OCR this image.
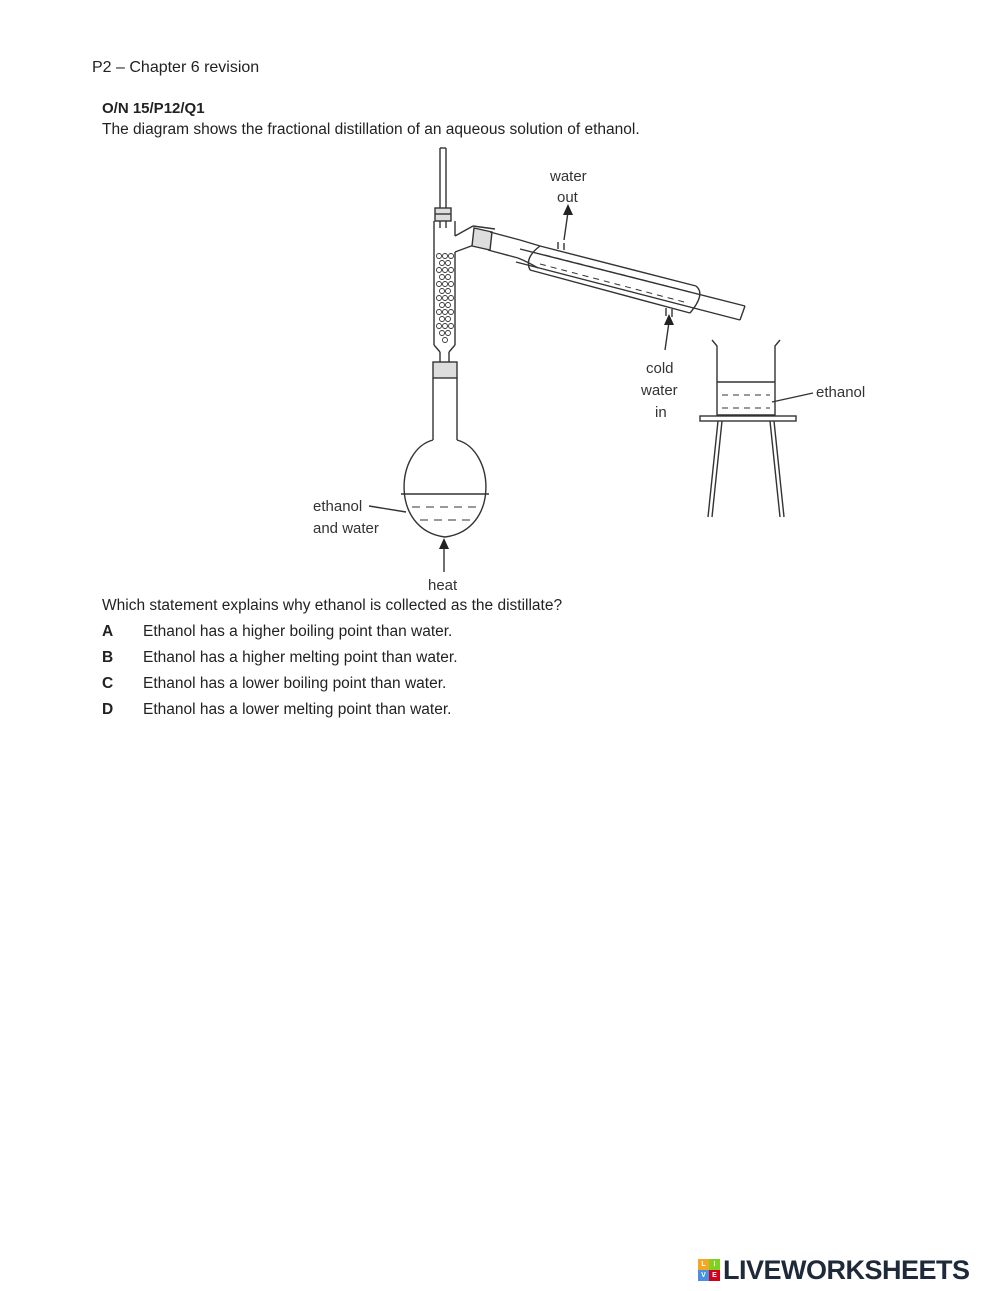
P2 – Chapter 6 revision
O/N 15/P12/Q1
The diagram shows the fractional distillation of an aqueous solution of ethanol.
water
out
cold
water
in
ethanol
ethanol
and water
heat
Which statement explains why ethanol is collected as the distillate?
A Ethanol has a higher boiling point than water.
B Ethanol has a higher melting point than water.
C Ethanol has a lower boiling point than water.
D Ethanol has a lower melting point than water.
L	I
V E LIVEWORKSHEETS
